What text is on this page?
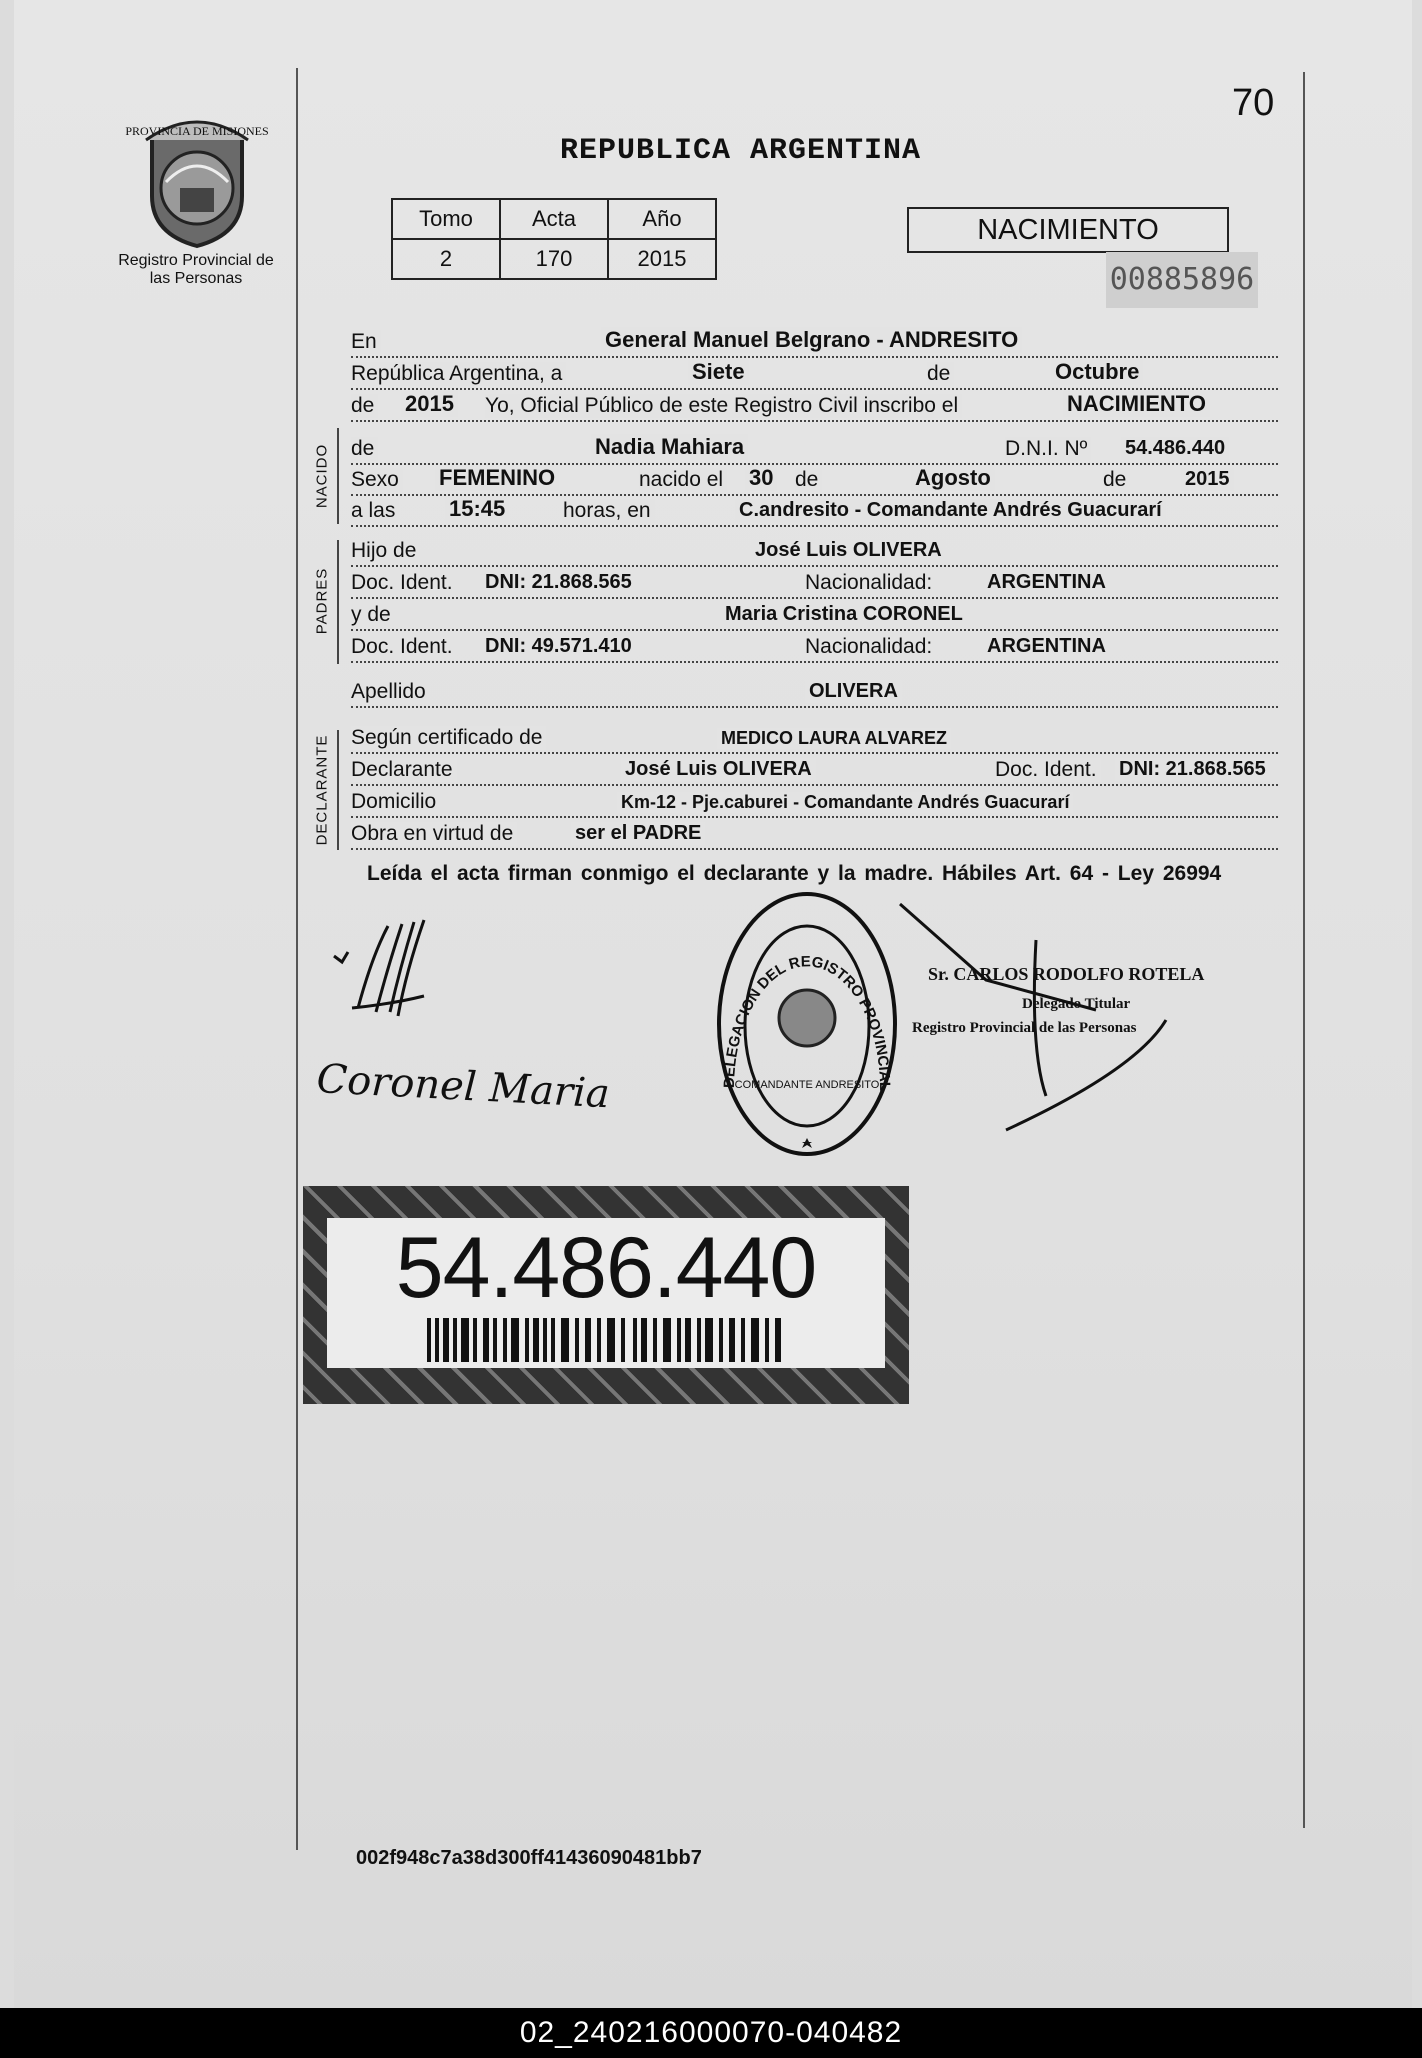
70
PROVINCIA DE MISIONES
Registro Provincial de las Personas
REPUBLICA ARGENTINA
Tomo	Acta	Año
2	170	2015
NACIMIENTO
00885896
En	General Manuel Belgrano - ANDRESITO
República Argentina, a	Siete	de	Octubre
de 2015 Yo, Oficial Público de este Registro Civil inscribo el	NACIMIENTO
NACIDO de	Nadia Mahiara	D.N.I. Nº 54.486.440
Sexo FEMENINO	nacido el 30 de	Agosto	de	2015
a las 15:45	horas, en	C.andresito - Comandante Andrés Guacurarí
PADRES
Hijo de	José Luis OLIVERA
Doc. Ident. DNI: 21.868.565	Nacionalidad:	ARGENTINA
y de	Maria Cristina CORONEL
Doc. Ident. DNI: 49.571.410	Nacionalidad:	ARGENTINA
Apellido	OLIVERA
DECLARANTE Según certificado de	MEDICO LAURA ALVAREZ
Declarante	José Luis OLIVERA	Doc. Ident. DNI: 21.868.565
Domicilio	Km-12 - Pje.caburei - Comandante Andrés Guacurarí
Obra en virtud de	ser el PADRE
Leída el acta firman conmigo el declarante y la madre. Hábiles Art. 64 - Ley 26994
Coronel Maria	DELEGACION DEL REGISTRO PROVINCIAL
COMANDANTE ANDRESITO
Sr. CARLOS RODOLFO ROTELA
Delegado Titular
Registro Provincial de las Personas
54.486.440
002f948c7a38d300ff41436090481bb7
02_240216000070-040482
